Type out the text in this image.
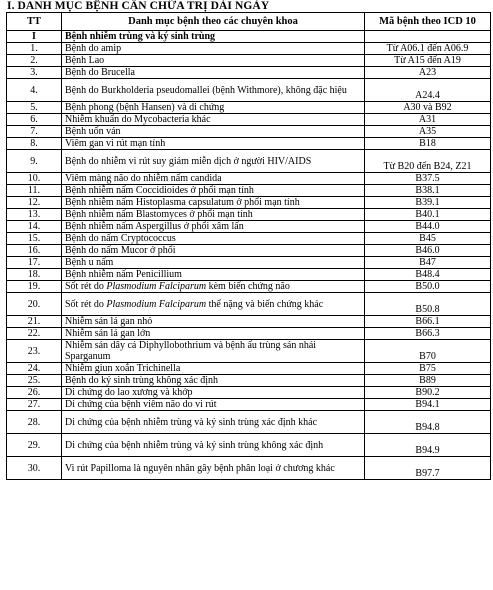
I. DANH MỤC BỆNH CẦN CHỮA TRỊ DÀI NGÀY
TT	Danh mục bệnh theo các chuyên khoa	Mã bệnh theo ICD 10
I	Bệnh nhiễm trùng và ký sinh trùng	
1.	Bệnh do amip	Từ A06.1 đến A06.9
2.	Bệnh Lao	Từ A15 đến A19
3.	Bệnh do Brucella	A23
4.	Bệnh do Burkholderia pseudomallei (bệnh Withmore), không đặc hiệu	A24.4
5.	Bệnh phong (bệnh Hansen) và di chứng	A30 và B92
6.	Nhiễm khuẩn do Mycobacteria khác	A31
7.	Bệnh uốn ván	A35
8.	Viêm gan vi rút mạn tính	B18
9.	Bệnh do nhiễm vi rút suy giảm miễn dịch ở người HIV/AIDS	Từ B20 đến B24, Z21
10.	Viêm màng não do nhiễm nấm candida	B37.5
11.	Bệnh nhiễm nấm Coccidioides ở phổi mạn tính	B38.1
12.	Bệnh nhiễm nấm Histoplasma capsulatum ở phổi mạn tính	B39.1
13.	Bệnh nhiễm nấm Blastomyces ở phổi mạn tính	B40.1
14.	Bệnh nhiễm nấm Aspergillus ở phổi xâm lấn	B44.0
15.	Bệnh do nấm Cryptococcus	B45
16.	Bệnh do nấm Mucor ở phổi	B46.0
17.	Bệnh u nấm	B47
18.	Bệnh nhiễm nấm Penicillium	B48.4
19.	Sốt rét do Plasmodium Falciparum kèm biến chứng não	B50.0
20.	Sốt rét do Plasmodium Falciparum thể nặng và biến chứng khác	B50.8
21.	Nhiễm sán lá gan nhỏ	B66.1
22.	Nhiễm sán lá gan lớn	B66.3
23.	Nhiễm sán dây cá Diphyllobothrium và bệnh ấu trùng sán nhái Sparganum	B70
24.	Nhiễm giun xoắn Trichinella	B75
25.	Bệnh do ký sinh trùng không xác định	B89
26.	Di chứng do lao xương và khớp	B90.2
27.	Di chứng của bệnh viêm não do vi rút	B94.1
28.	Di chứng của bệnh nhiễm trùng và ký sinh trùng xác định khác	B94.8
29.	Di chứng của bệnh nhiễm trùng và ký sinh trùng không xác định	B94.9
30.	Vi rút Papilloma là nguyên nhân gây bệnh phân loại ở chương khác	B97.7
